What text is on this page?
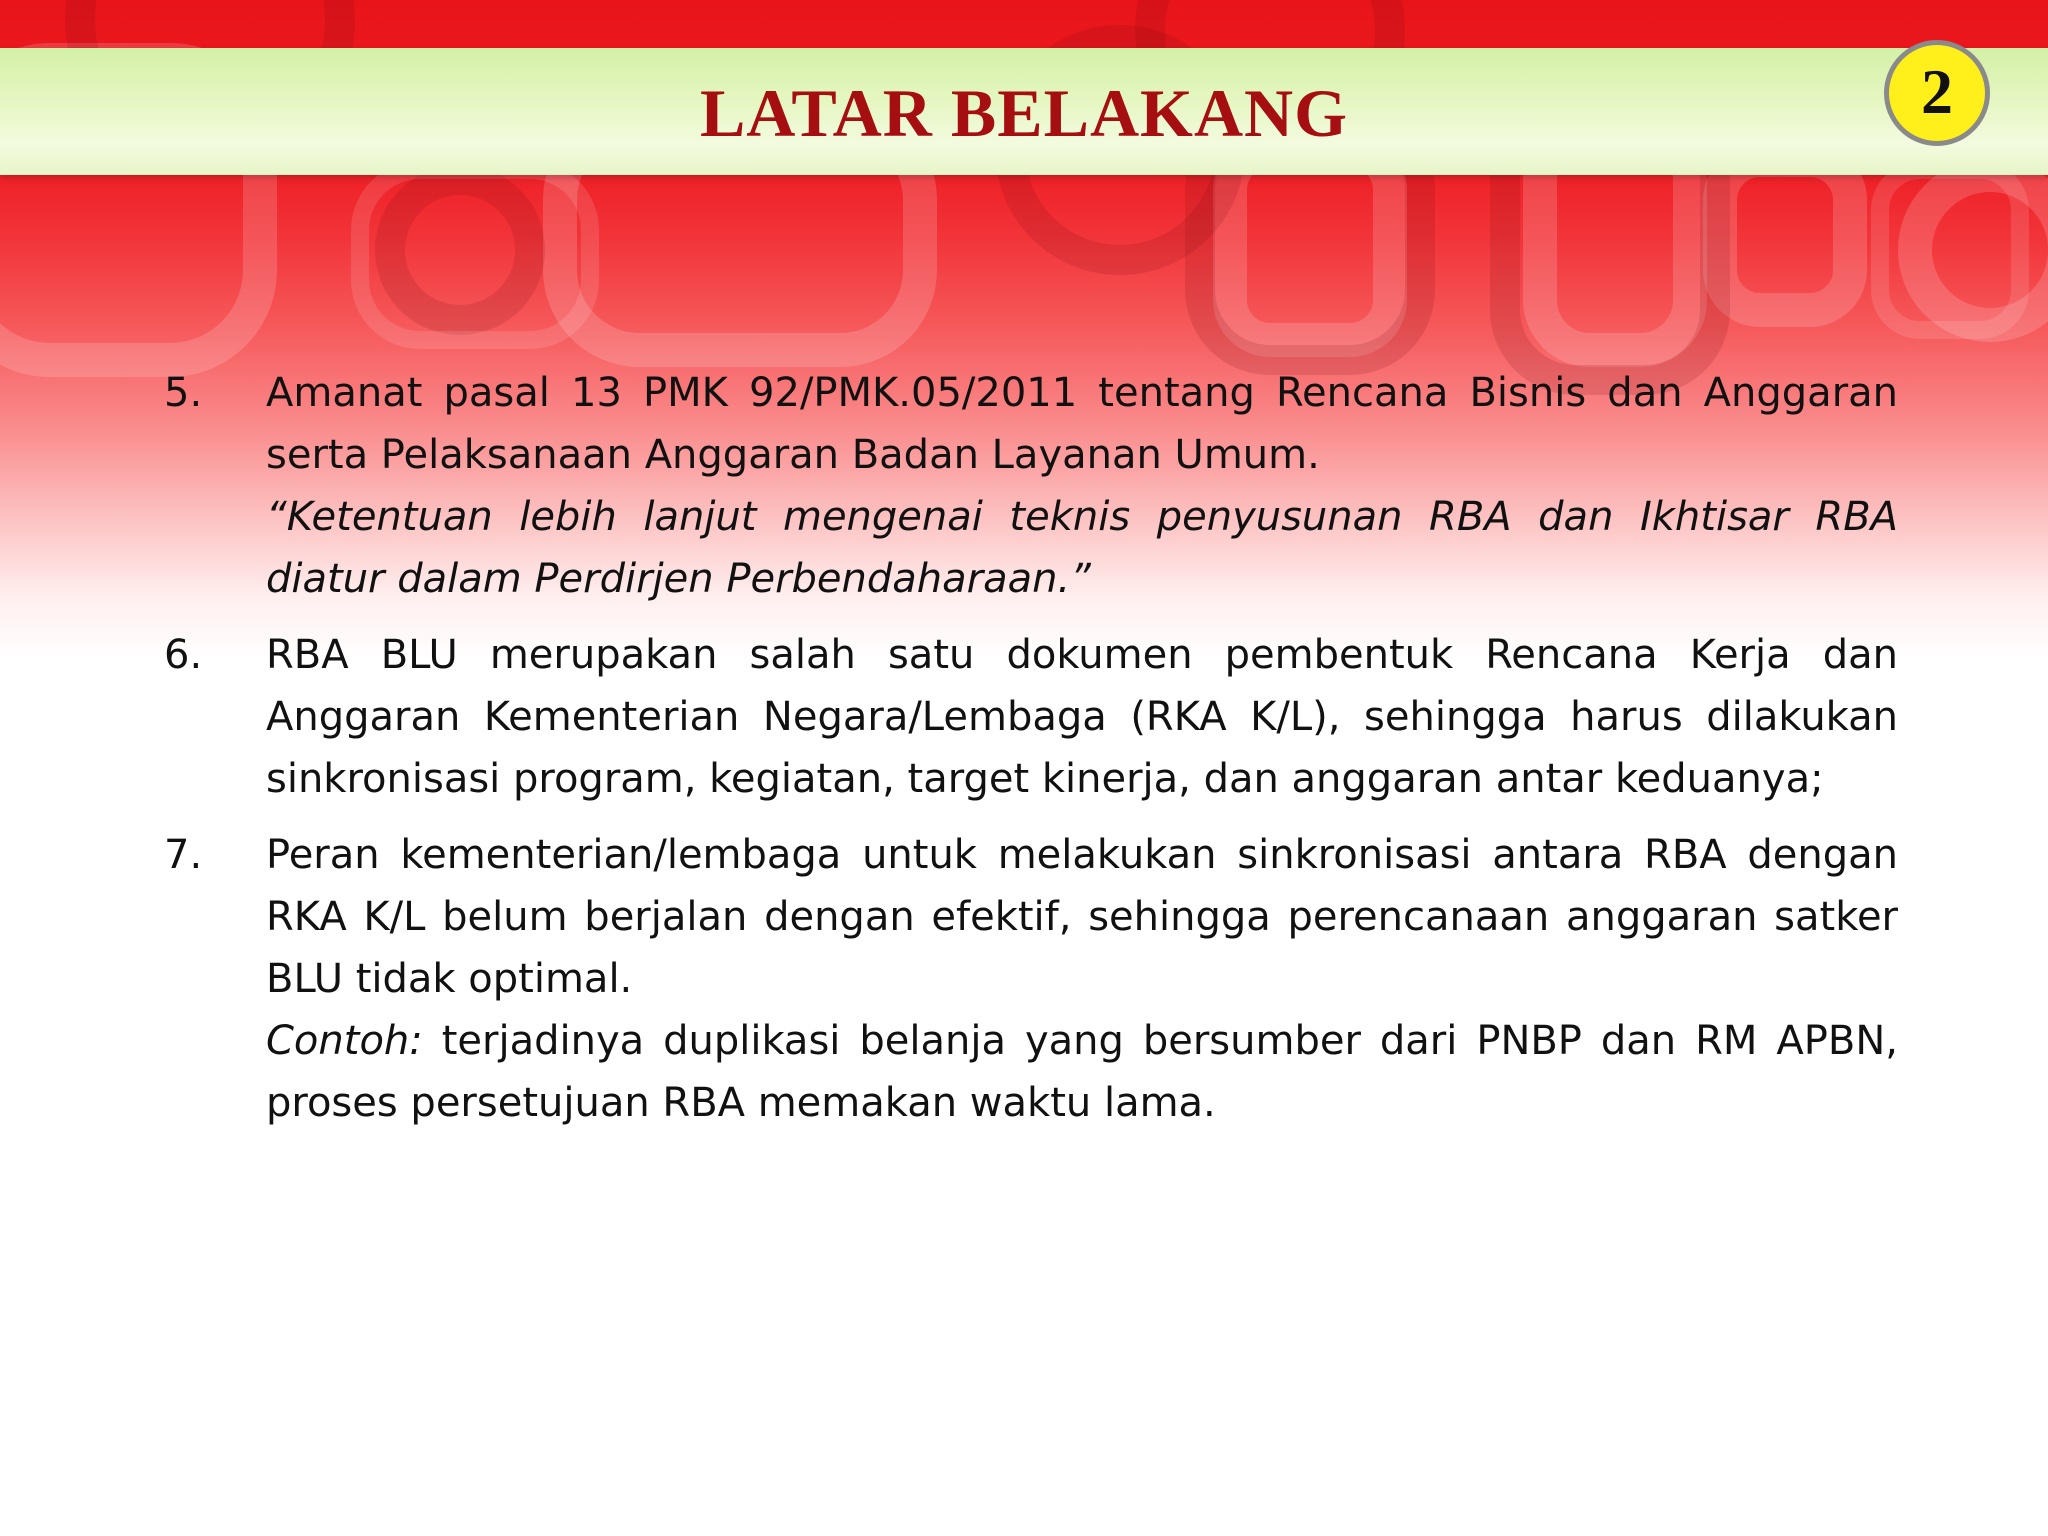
LATAR BELAKANG	2
5.	Amanat pasal 13 PMK 92/PMK.05/2011 tentang Rencana Bisnis dan Anggaran serta Pelaksanaan Anggaran Badan Layanan Umum.

“Ketentuan lebih lanjut mengenai teknis penyusunan RBA dan Ikhtisar RBA diatur dalam Perdirjen Perbendaharaan.”

6.	RBA BLU merupakan salah satu dokumen pembentuk Rencana Kerja dan Anggaran Kementerian Negara/Lembaga (RKA K/L), sehingga harus dilakukan sinkronisasi program, kegiatan, target kinerja, dan anggaran antar keduanya;

7.	Peran kementerian/lembaga untuk melakukan sinkronisasi antara RBA dengan RKA K/L belum berjalan dengan efektif, sehingga perencanaan anggaran satker BLU tidak optimal.

Contoh: terjadinya duplikasi belanja yang bersumber dari PNBP dan RM APBN, proses persetujuan RBA memakan waktu lama.
